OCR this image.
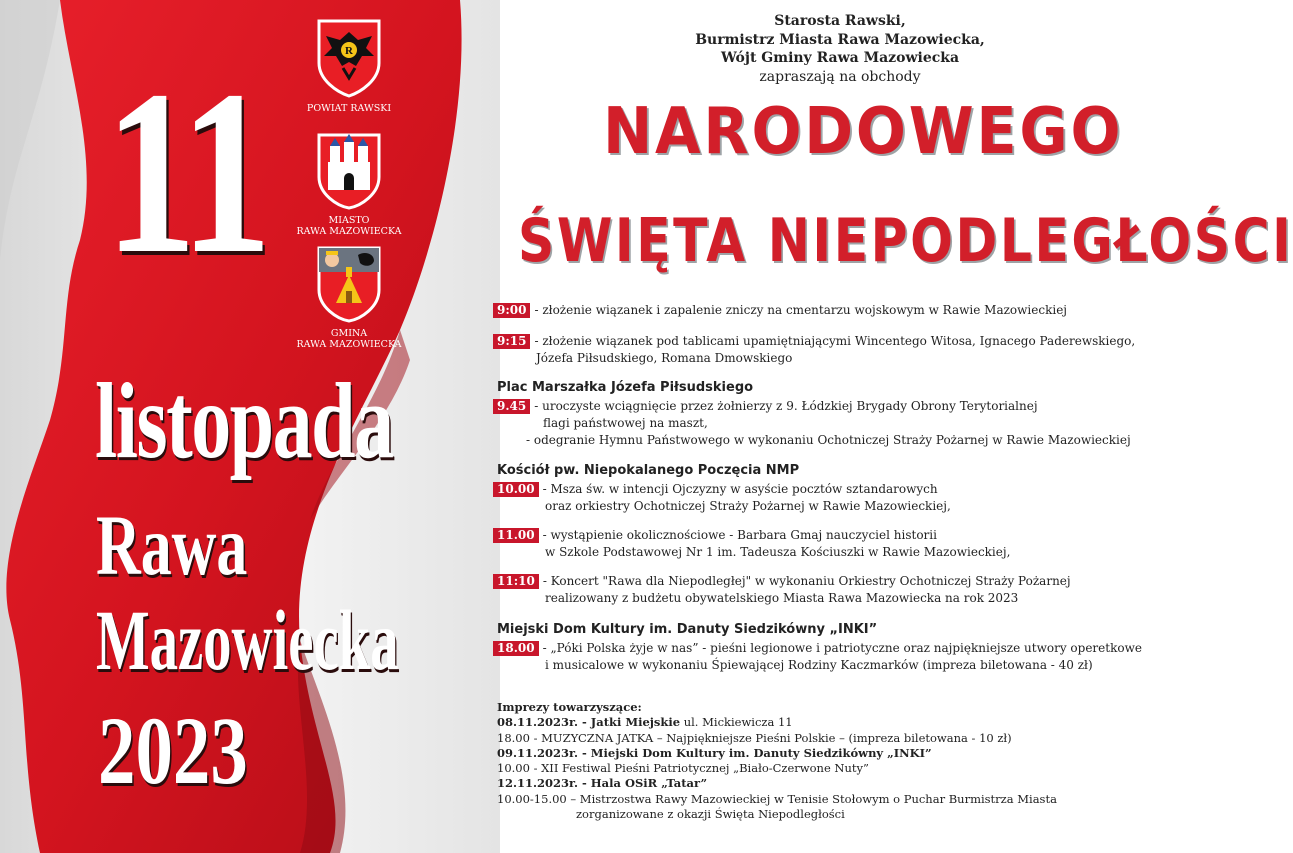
11
listopada
Rawa
Mazowiecka
2023
R
POWIAT RAWSKI
MIASTO
RAWA MAZOWIECKA
GMINA
RAWA MAZOWIECKA
Starosta Rawski,
Burmistrz Miasta Rawa Mazowiecka,
Wójt Gminy Rawa Mazowiecka
zapraszają na obchody
NARODOWEGO
ŚWIĘTA NIEPODLEGŁOŚCI
9:00 - złożenie wiązanek i zapalenie zniczy na cmentarzu wojskowym w Rawie Mazowieckiej
9:15 - złożenie wiązanek pod tablicami upamiętniającymi Wincentego Witosa, Ignacego Paderewskiego,
Józefa Piłsudskiego, Romana Dmowskiego
Plac Marszałka Józefa Piłsudskiego
9.45 - uroczyste wciągnięcie przez żołnierzy z 9. Łódzkiej Brygady Obrony Terytorialnej
flagi państwowej na maszt,
- odegranie Hymnu Państwowego w wykonaniu Ochotniczej Straży Pożarnej w Rawie Mazowieckiej
Kościół pw. Niepokalanego Poczęcia NMP
10.00 - Msza św. w intencji Ojczyzny w asyście pocztów sztandarowych
oraz orkiestry Ochotniczej Straży Pożarnej w Rawie Mazowieckiej,
11.00 - wystąpienie okolicznościowe - Barbara Gmaj nauczyciel historii
w Szkole Podstawowej Nr 1 im. Tadeusza Kościuszki w Rawie Mazowieckiej,
11:10 - Koncert "Rawa dla Niepodległej" w wykonaniu Orkiestry Ochotniczej Straży Pożarnej
realizowany z budżetu obywatelskiego Miasta Rawa Mazowiecka na rok 2023
Miejski Dom Kultury im. Danuty Siedzikówny „INKI”
18.00 - „Póki Polska żyje w nas” - pieśni legionowe i patriotyczne oraz najpiękniejsze utwory operetkowe
i musicalowe w wykonaniu Śpiewającej Rodziny Kaczmarków (impreza biletowana - 40 zł)
Imprezy towarzyszące:
08.11.2023r. - Jatki Miejskie ul. Mickiewicza 11
18.00 - MUZYCZNA JATKA – Najpiękniejsze Pieśni Polskie – (impreza biletowana - 10 zł)
09.11.2023r. - Miejski Dom Kultury im. Danuty Siedzikówny „INKI”
10.00 - XII Festiwal Pieśni Patriotycznej „Biało-Czerwone Nuty”
12.11.2023r. - Hala OSiR „Tatar”
10.00-15.00 – Mistrzostwa Rawy Mazowieckiej w Tenisie Stołowym o Puchar Burmistrza Miasta
zorganizowane z okazji Święta Niepodległości
